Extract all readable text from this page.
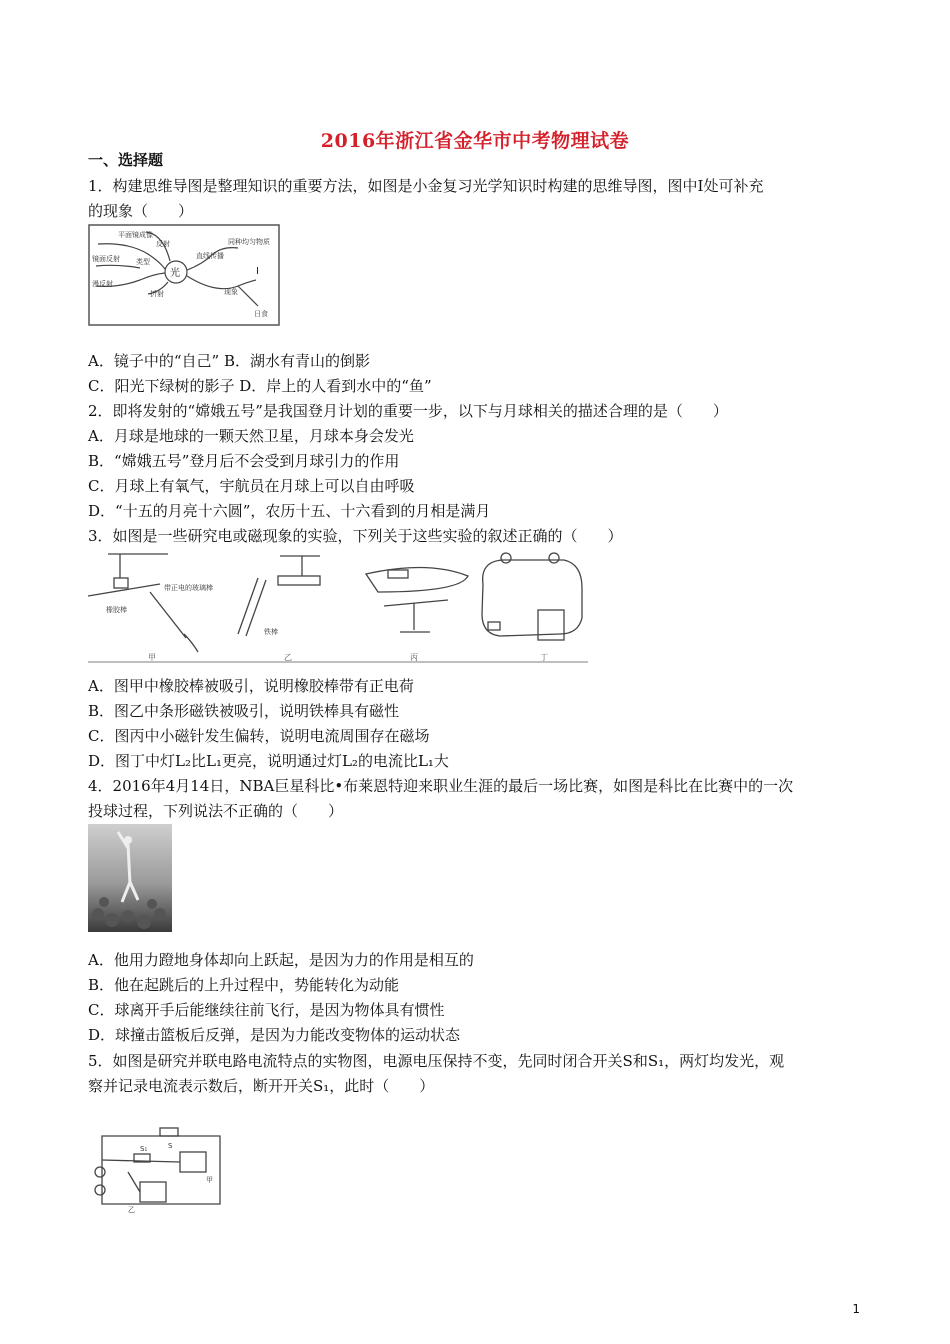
2016年浙江省金华市中考物理试卷
一、选择题
1．构建思维导图是整理知识的重要方法，如图是小金复习光学知识时构建的思维导图，图中Ⅰ处可补充
的现象（　　）
平面镜成像
镜面反射 类型
漫反射
反射
光
折射
直线传播
同种均匀物质
Ⅰ
现象
日食
A．镜子中的“自己” B．湖水有青山的倒影
C．阳光下绿树的影子 D．岸上的人看到水中的“鱼”
2．即将发射的“嫦娥五号”是我国登月计划的重要一步，以下与月球相关的描述合理的是（　　）
A．月球是地球的一颗天然卫星，月球本身会发光
B．“嫦娥五号”登月后不会受到月球引力的作用
C．月球上有氧气，宇航员在月球上可以自由呼吸
D．“十五的月亮十六圆”，农历十五、十六看到的月相是满月
3．如图是一些研究电或磁现象的实验，下列关于这些实验的叙述正确的（　　）
橡胶棒
带正电的玻璃棒
铁棒
甲	乙	丙	丁
A．图甲中橡胶棒被吸引，说明橡胶棒带有正电荷
B．图乙中条形磁铁被吸引，说明铁棒具有磁性
C．图丙中小磁针发生偏转，说明电流周围存在磁场
D．图丁中灯L₂比L₁更亮，说明通过灯L₂的电流比L₁大
4．2016年4月14日，NBA巨星科比•布莱恩特迎来职业生涯的最后一场比赛，如图是科比在比赛中的一次
投球过程，下列说法不正确的（　　）
A．他用力蹬地身体却向上跃起，是因为力的作用是相互的
B．他在起跳后的上升过程中，势能转化为动能
C．球离开手后能继续往前飞行，是因为物体具有惯性
D．球撞击篮板后反弹，是因为力能改变物体的运动状态
5．如图是研究并联电路电流特点的实物图，电源电压保持不变，先同时闭合开关S和S₁，两灯均发光，观
察并记录电流表示数后，断开开关S₁，此时（　　）
S
S₁
甲
乙
1
